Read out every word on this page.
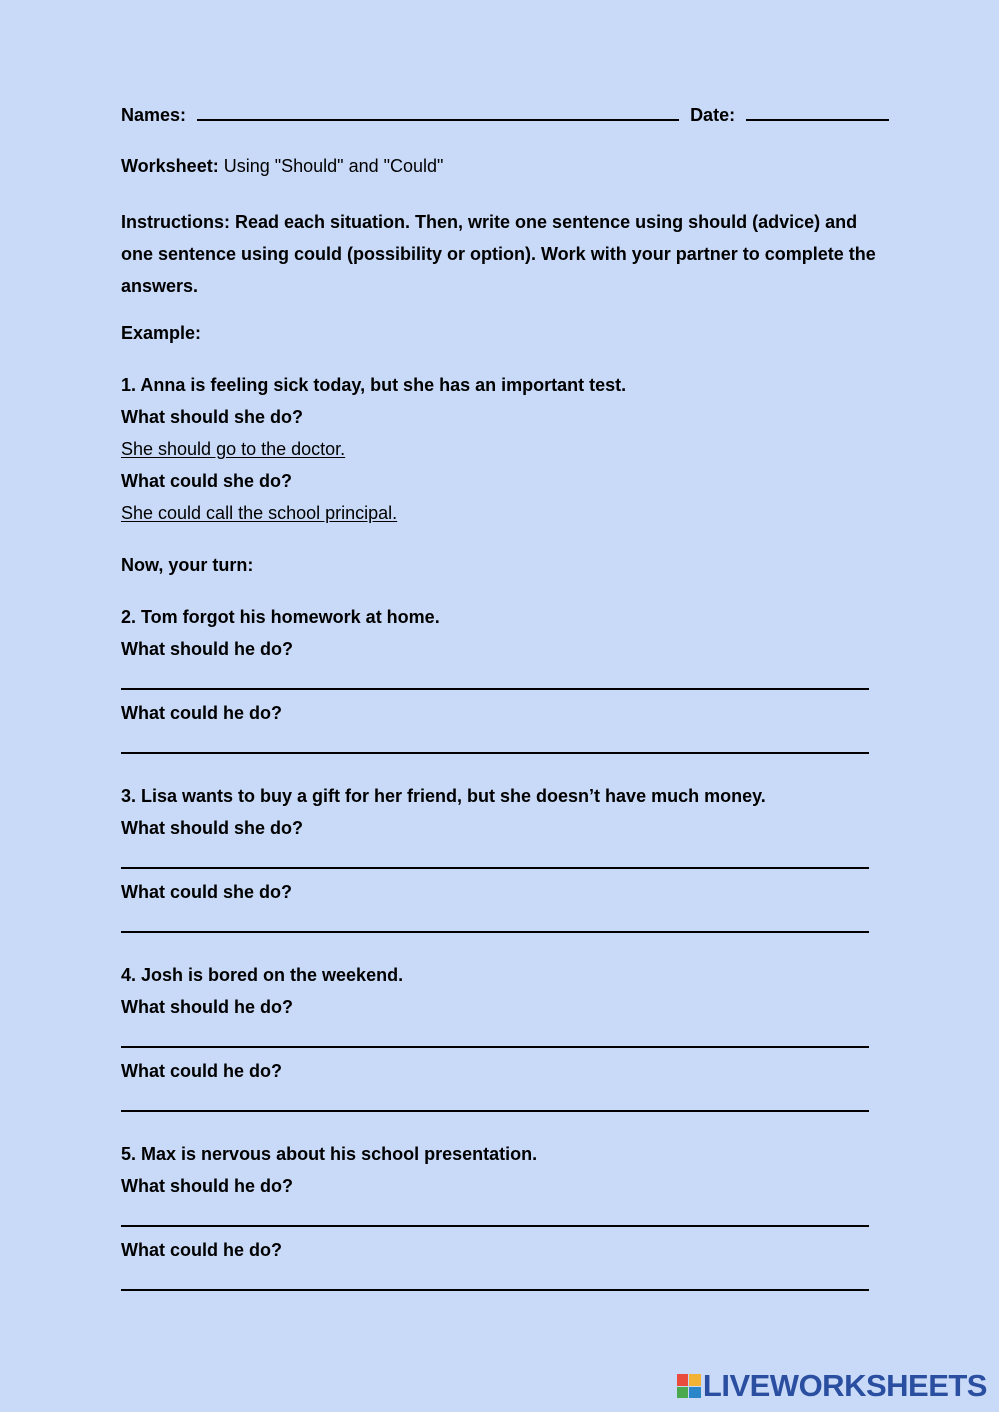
Names:	Date:
Worksheet: Using "Should" and "Could"
Instructions: Read each situation. Then, write one sentence using should (advice) and one sentence using could (possibility or option). Work with your partner to complete the answers.
Example:
1. Anna is feeling sick today, but she has an important test.
What should she do?
She should go to the doctor.
What could she do?
She could call the school principal.
Now, your turn:
2. Tom forgot his homework at home.
What should he do?
What could he do?
3. Lisa wants to buy a gift for her friend, but she doesn’t have much money.
What should she do?
What could she do?
4. Josh is bored on the weekend.
What should he do?
What could he do?
5. Max is nervous about his school presentation.
What should he do?
What could he do?
LIVEWORKSHEETS
